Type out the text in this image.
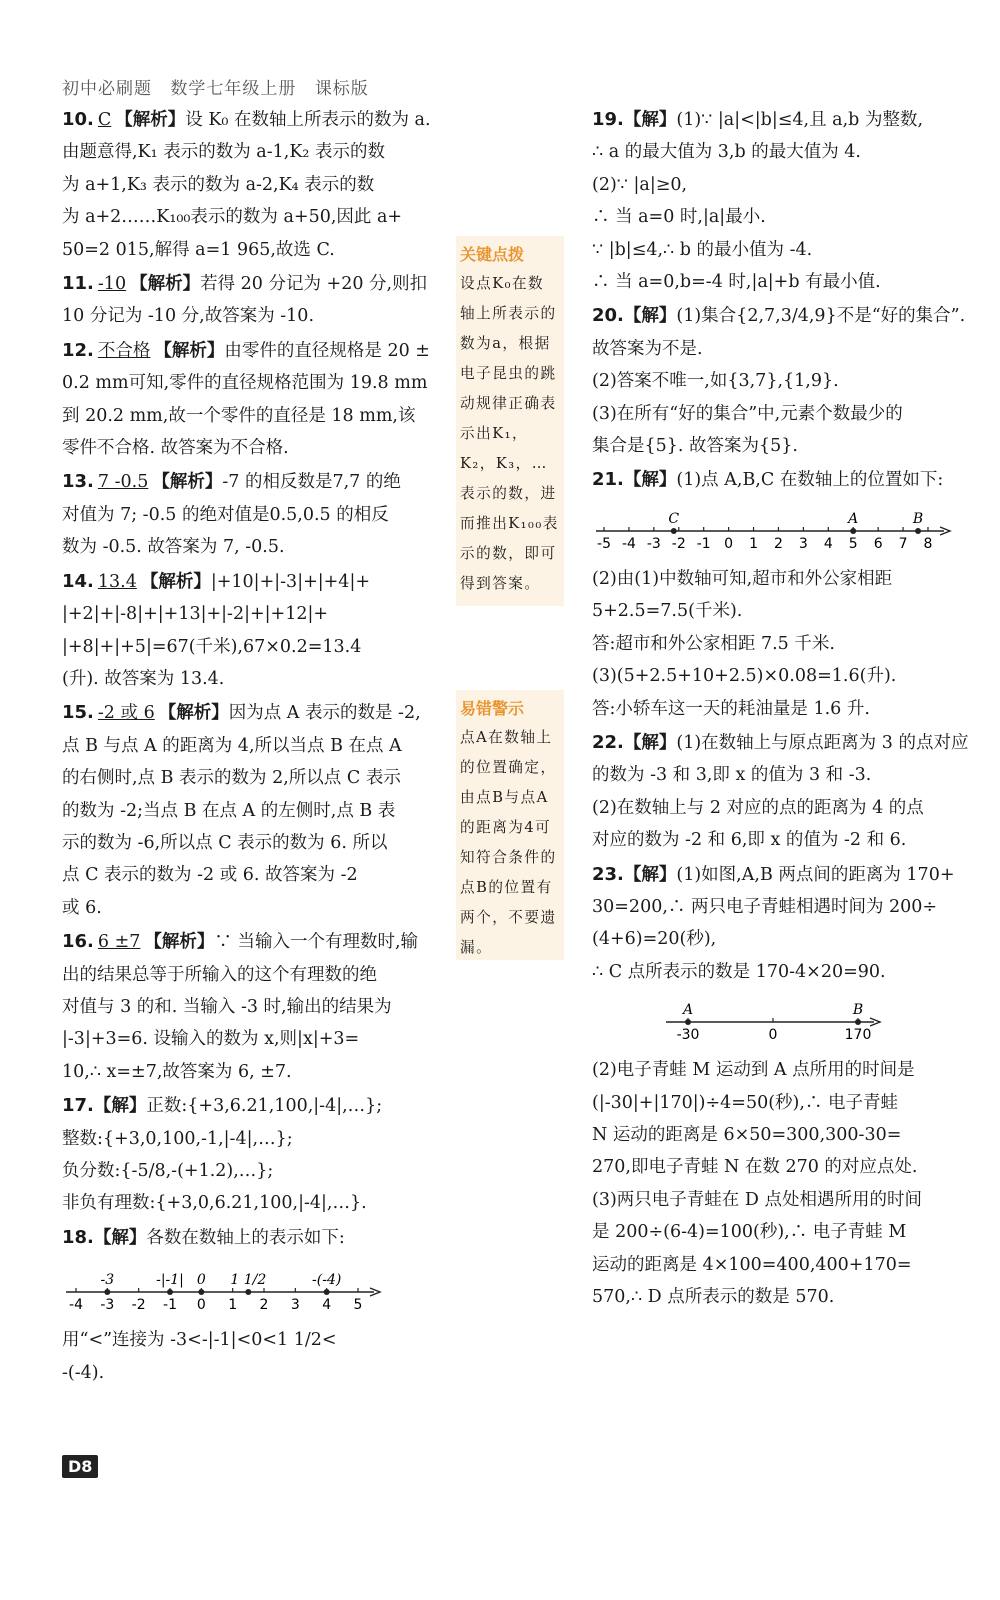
初中必刷题 数学七年级上册 课标版
10. C 【解析】设 K₀ 在数轴上所表示的数为 a.
由题意得,K₁ 表示的数为 a-1,K₂ 表示的数
为 a+1,K₃ 表示的数为 a-2,K₄ 表示的数
为 a+2……K₁₀₀表示的数为 a+50,因此 a+
50=2 015,解得 a=1 965,故选 C.
11. -10 【解析】若得 20 分记为 +20 分,则扣
10 分记为 -10 分,故答案为 -10.
12. 不合格 【解析】由零件的直径规格是 20 ±
0.2 mm可知,零件的直径规格范围为 19.8 mm
到 20.2 mm,故一个零件的直径是 18 mm,该
零件不合格. 故答案为不合格.
13. 7 -0.5 【解析】-7 的相反数是7,7 的绝
对值为 7; -0.5 的绝对值是0.5,0.5 的相反
数为 -0.5. 故答案为 7, -0.5.
14. 13.4 【解析】|+10|+|-3|+|+4|+
|+2|+|-8|+|+13|+|-2|+|+12|+
|+8|+|+5|=67(千米),67×0.2=13.4
(升). 故答案为 13.4.
15. -2 或 6 【解析】因为点 A 表示的数是 -2,
点 B 与点 A 的距离为 4,所以当点 B 在点 A
的右侧时,点 B 表示的数为 2,所以点 C 表示
的数为 -2;当点 B 在点 A 的左侧时,点 B 表
示的数为 -6,所以点 C 表示的数为 6. 所以
点 C 表示的数为 -2 或 6. 故答案为 -2
或 6.
16. 6 ±7 【解析】∵ 当输入一个有理数时,输
出的结果总等于所输入的这个有理数的绝
对值与 3 的和. 当输入 -3 时,输出的结果为
|-3|+3=6. 设输入的数为 x,则|x|+3=
10,∴ x=±7,故答案为 6, ±7.
17.【解】正数:{+3,6.21,100,|-4|,…};
整数:{+3,0,100,-1,|-4|,…};
负分数:{-5/8,-(+1.2),…};
非负有理数:{+3,0,6.21,100,|-4|,…}.
18.【解】各数在数轴上的表示如下:
-4 -3 -2 -1 0 1 2 3 4 5
-3	-|-1| 0 1 1/2	-(-4)
用“<”连接为 -3<-|-1|<0<1 1/2<
-(-4).
关键点拨
设点K₀在数轴上所表示的数为a，根据电子昆虫的跳动规律正确表示出K₁，K₂，K₃，…表示的数，进而推出K₁₀₀表示的数，即可得到答案。
易错警示
点A在数轴上的位置确定，由点B与点A的距离为4可知符合条件的点B的位置有两个，不要遗漏。
19.【解】(1)∵ |a|<|b|≤4,且 a,b 为整数,
∴ a 的最大值为 3,b 的最大值为 4.
(2)∵ |a|≥0,
∴ 当 a=0 时,|a|最小.
∵ |b|≤4,∴ b 的最小值为 -4.
∴ 当 a=0,b=-4 时,|a|+b 有最小值.
20.【解】(1)集合{2,7,3/4,9}不是“好的集合”.
故答案为不是.
(2)答案不唯一,如{3,7},{1,9}.
(3)在所有“好的集合”中,元素个数最少的
集合是{5}. 故答案为{5}.
21.【解】(1)点 A,B,C 在数轴上的位置如下:
-5 -4 -3 -2 -1 0 1 2 3 4 5 6 7 8
C	A	B
(2)由(1)中数轴可知,超市和外公家相距
5+2.5=7.5(千米).
答:超市和外公家相距 7.5 千米.
(3)(5+2.5+10+2.5)×0.08=1.6(升).
答:小轿车这一天的耗油量是 1.6 升.
22.【解】(1)在数轴上与原点距离为 3 的点对应
的数为 -3 和 3,即 x 的值为 3 和 -3.
(2)在数轴上与 2 对应的点的距离为 4 的点
对应的数为 -2 和 6,即 x 的值为 -2 和 6.
23.【解】(1)如图,A,B 两点间的距离为 170+
30=200,∴ 两只电子青蛙相遇时间为 200÷
(4+6)=20(秒),
∴ C 点所表示的数是 170-4×20=90.
-30	0	170
A	B
(2)电子青蛙 M 运动到 A 点所用的时间是
(|-30|+|170|)÷4=50(秒),∴ 电子青蛙
N 运动的距离是 6×50=300,300-30=
270,即电子青蛙 N 在数 270 的对应点处.
(3)两只电子青蛙在 D 点处相遇所用的时间
是 200÷(6-4)=100(秒),∴ 电子青蛙 M
运动的距离是 4×100=400,400+170=
570,∴ D 点所表示的数是 570.
D8
